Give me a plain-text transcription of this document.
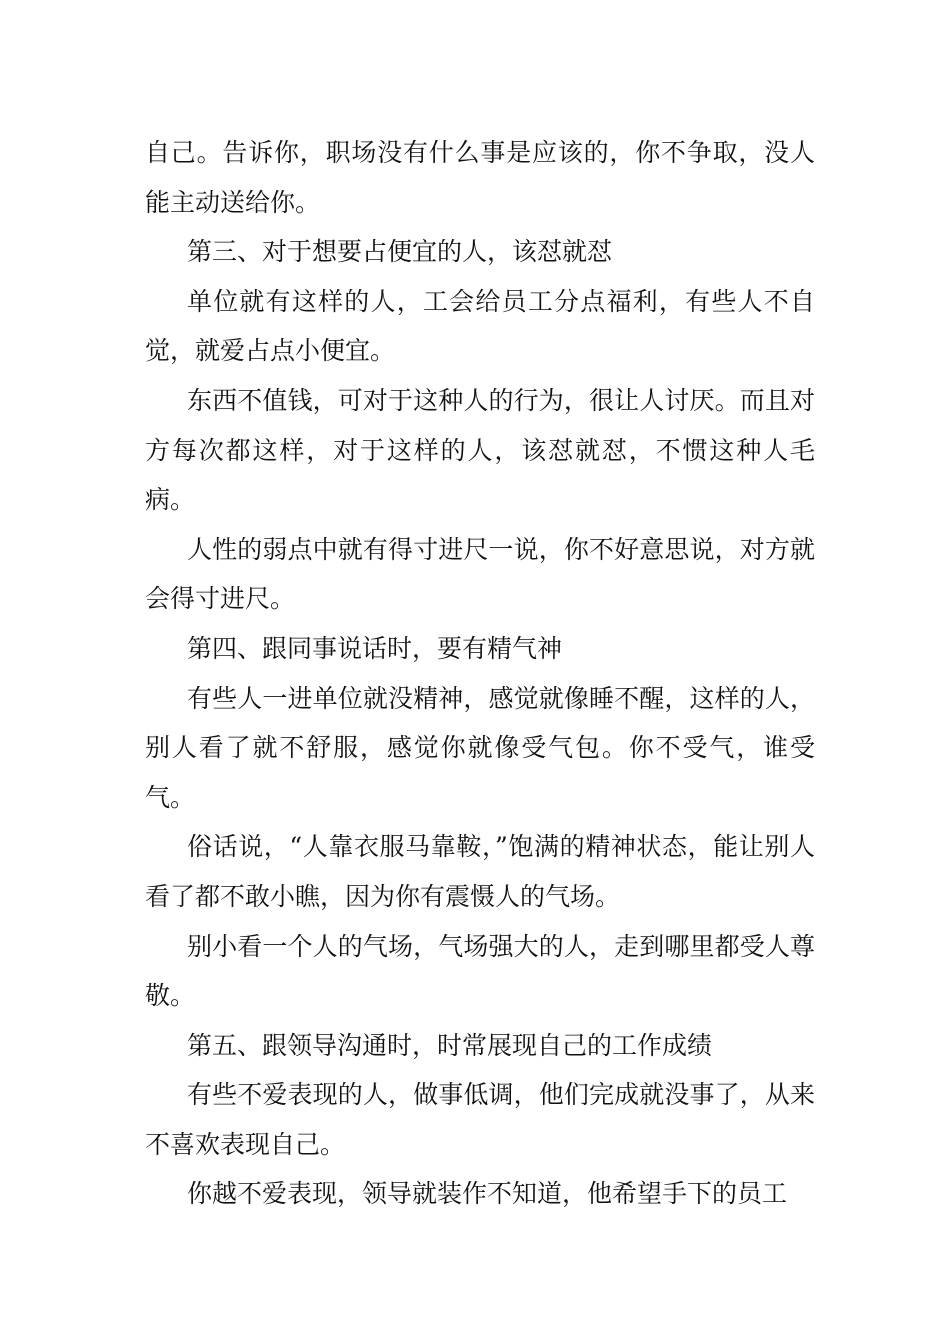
自己。告诉你，职场没有什么事是应该的，你不争取，没人能主动送给你。

第三、对于想要占便宜的人，该怼就怼

单位就有这样的人，工会给员工分点福利，有些人不自觉，就爱占点小便宜。

东西不值钱，可对于这种人的行为，很让人讨厌。而且对方每次都这样，对于这样的人，该怼就怼，不惯这种人毛病。

人性的弱点中就有得寸进尺一说，你不好意思说，对方就会得寸进尺。

第四、跟同事说话时，要有精气神

有些人一进单位就没精神，感觉就像睡不醒，这样的人，别人看了就不舒服，感觉你就像受气包。你不受气，谁受气。

俗话说，“人靠衣服马靠鞍，”饱满的精神状态，能让别人看了都不敢小瞧，因为你有震慑人的气场。

别小看一个人的气场，气场强大的人，走到哪里都受人尊敬。

第五、跟领导沟通时，时常展现自己的工作成绩

有些不爱表现的人，做事低调，他们完成就没事了，从来不喜欢表现自己。

你越不爱表现，领导就装作不知道，他希望手下的员工
